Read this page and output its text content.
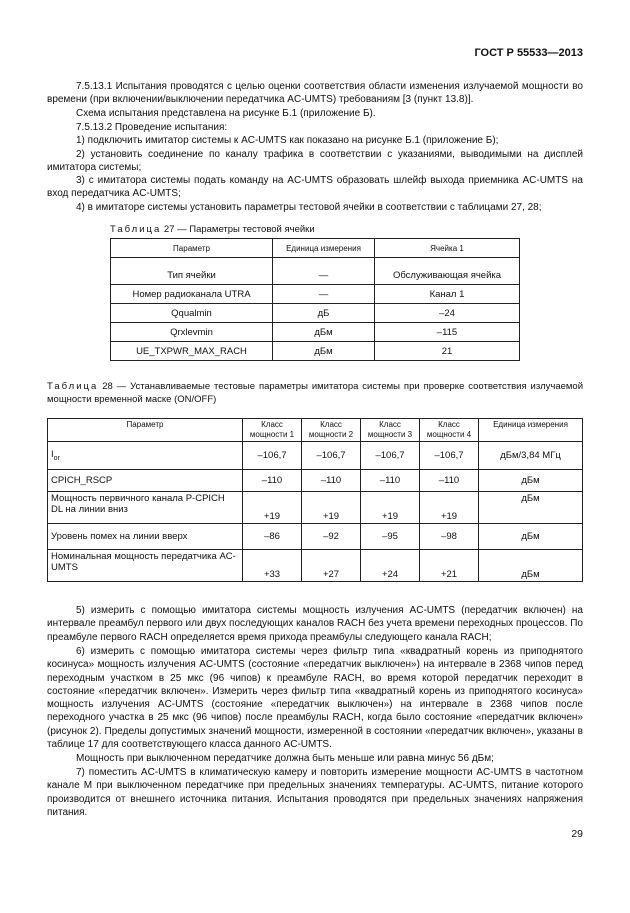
ГОСТ Р 55533—2013
7.5.13.1 Испытания проводятся с целью оценки соответствия области изменения излучаемой мощности во времени (при включении/выключении передатчика AC-UMTS) требованиям [3 (пункт 13.8)].
Схема испытания представлена на рисунке Б.1 (приложение Б).
7.5.13.2 Проведение испытания:
1) подключить имитатор системы к AC-UMTS как показано на рисунке Б.1 (приложение Б);
2) установить соединение по каналу трафика в соответствии с указаниями, выводимыми на дисплей имитатора системы;
3) с имитатора системы подать команду на AC-UMTS образовать шлейф выхода приемника AC-UMTS на вход передатчика AC-UMTS;
4) в имитаторе системы установить параметры тестовой ячейки в соответствии с таблицами 27, 28;
Таблица 27 — Параметры тестовой ячейки
Параметр	Единица измерения	Ячейка 1

Тип ячейки	—	Обслуживающая ячейка
Номер радиоканала UTRA	—	Канал 1
Qqualmin	дБ	–24
Qrxlevmin	дБм	–115
UE_TXPWR_MAX_RACH	дБм	21
Таблица 28 — Устанавливаемые тестовые параметры имитатора системы при проверке соответствия излучаемой мощности временной маске (ON/OFF)
Параметр	Класс мощности 1	Класс мощности 2	Класс мощности 3	Класс мощности 4	Единица измерения
$I_{or}$	–106,7	–106,7	–106,7	–106,7	дБм/3,84 МГц
CPICH_RSCP	–110	–110	–110	–110	дБм
Мощность первичного канала P-CPICH DL на линии вниз	+19	+19	+19	+19	дБм
Уровень помех на линии вверх	–86	–92	–95	–98	дБм
Номинальная мощность передатчика AC-UMTS	+33	+27	+24	+21	дБм
5) измерить с помощью имитатора системы мощность излучения AC-UMTS (передатчик включен) на интервале преамбул первого или двух последующих каналов RACH без учета времени переходных процессов. По преамбуле первого RACH определяется время прихода преамбулы следующего канала RACH;
6) измерить с помощью имитатора системы через фильтр типа «квадратный корень из приподнятого косинуса» мощность излучения AC-UMTS (состояние «передатчик выключен») на интервале в 2368 чипов перед переходным участком в 25 мкс (96 чипов) к преамбуле RACH, во время которой передатчик переходит в состояние «передатчик включен». Измерить через фильтр типа «квадратный корень из приподнятого косинуса» мощность излучения AC-UMTS (состояние «передатчик выключен») на интервале в 2368 чипов после переходного участка в 25 мкс (96 чипов) после преамбулы RACH, когда было состояние «передатчик включен» (рисунок 2). Пределы допустимых значений мощности, измеренной в состоянии «передатчик включен», указаны в таблице 17 для соответствующего класса данного AC-UMTS.
Мощность при выключенном передатчике должна быть меньше или равна минус 56 дБм;
7) поместить AC-UMTS в климатическую камеру и повторить измерение мощности AC-UMTS в частотном канале М при выключенном передатчике при предельных значениях температуры. AC-UMTS, питание которого производится от внешнего источника питания. Испытания проводятся при предельных значениях напряжения питания.
29
